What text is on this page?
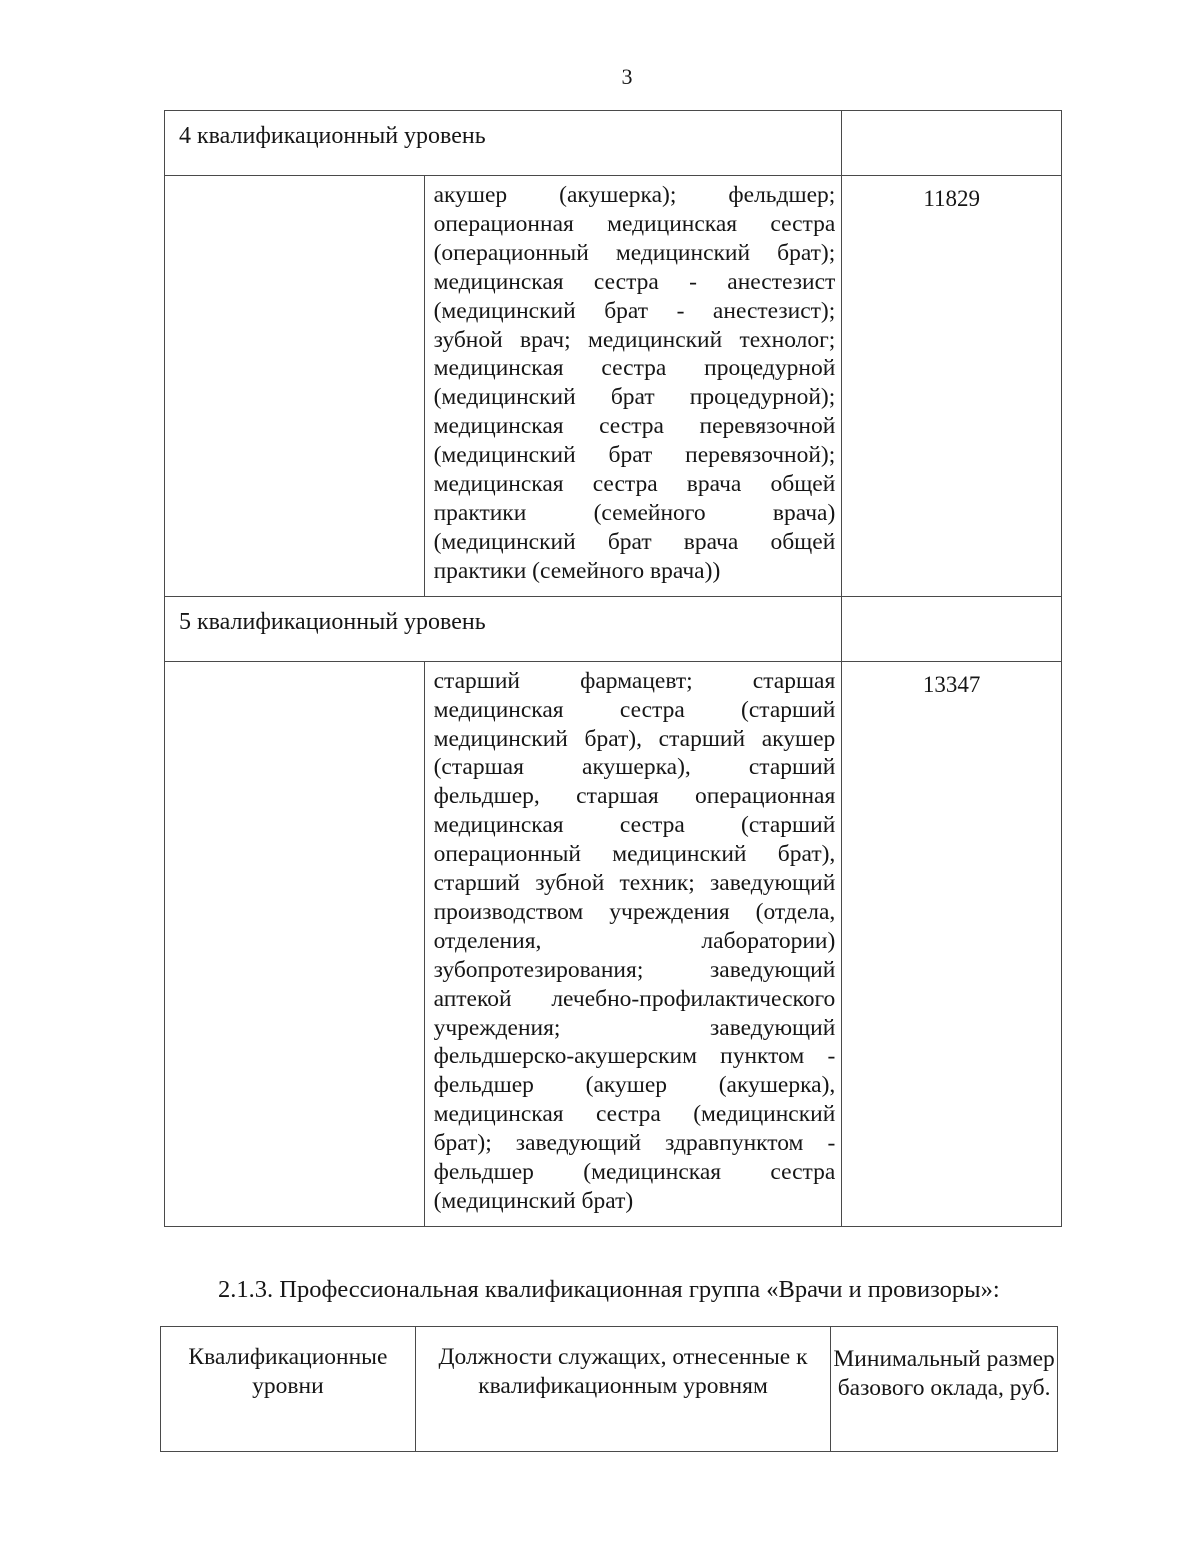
3
4 квалификационный уровень		
	акушер (акушерка); фельдшер; операционная медицинская сестра (операционный медицинский брат); медицинская сестра - анестезист (медицинский брат - анестезист); зубной врач; медицинский технолог; медицинская сестра процедурной (медицинский брат процедурной); медицинская сестра перевязочной (медицинский брат перевязочной); медицинская сестра врача общей практики (семейного врача) (медицинский брат врача общей практики (семейного врача))	11829
5 квалификационный уровень		
	старший фармацевт; старшая медицинская сестра (старший медицинский брат), старший акушер (старшая акушерка), старший фельдшер, старшая операционная медицинская сестра (старший операционный медицинский брат), старший зубной техник; заведующий производством учреждения (отдела, отделения, лаборатории) зубопротезирования; заведующий аптекой лечебно-профилактического учреждения; заведующий фельдшерско-акушерским пунктом - фельдшер (акушер (акушерка), медицинская сестра (медицинский брат); заведующий здравпунктом - фельдшер (медицинская сестра (медицинский брат)	13347
2.1.3. Профессиональная квалификационная группа «Врачи и провизоры»:
Квалификационные уровни	Должности служащих, отнесенные к квалификационным уровням	Минимальный размер базового оклада, руб.
